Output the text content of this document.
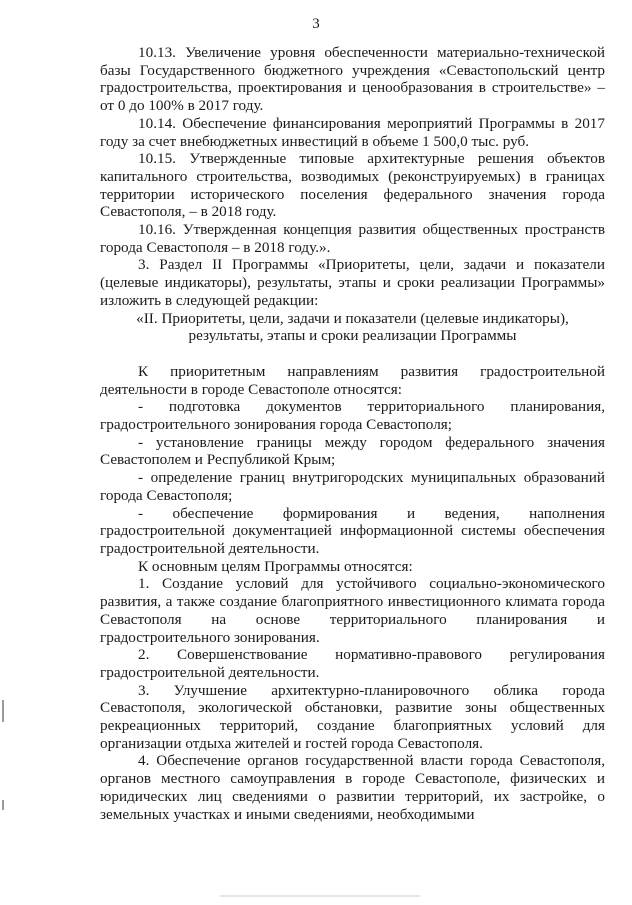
3

10.13. Увеличение уровня обеспеченности материально-технической базы Государственного бюджетного учреждения «Севастопольский центр градостроительства, проектирования и ценообразования в строительстве» – от 0 до 100% в 2017 году.

10.14. Обеспечение финансирования мероприятий Программы в 2017 году за счет внебюджетных инвестиций в объеме 1 500,0 тыс. руб.

10.15. Утвержденные типовые архитектурные решения объектов капитального строительства, возводимых (реконструируемых) в границах территории исторического поселения федерального значения города Севастополя, – в 2018 году.

10.16. Утвержденная концепция развития общественных пространств города Севастополя – в 2018 году.».

3. Раздел II Программы «Приоритеты, цели, задачи и показатели (целевые индикаторы), результаты, этапы и сроки реализации Программы» изложить в следующей редакции:

«II. Приоритеты, цели, задачи и показатели (целевые индикаторы),

результаты, этапы и сроки реализации Программы

К приоритетным направлениям развития градостроительной деятельности в городе Севастополе относятся:

- подготовка документов территориального планирования, градостроительного зонирования города Севастополя;

- установление границы между городом федерального значения Севастополем и Республикой Крым;

- определение границ внутригородских муниципальных образований города Севастополя;

- обеспечение формирования и ведения, наполнения градостроительной документацией информационной системы обеспечения градостроительной деятельности.

К основным целям Программы относятся:

1. Создание условий для устойчивого социально-экономического развития, а также создание благоприятного инвестиционного климата города Севастополя на основе территориального планирования и градостроительного зонирования.

2. Совершенствование нормативно-правового регулирования градостроительной деятельности.

3. Улучшение архитектурно-планировочного облика города Севастополя, экологической обстановки, развитие зоны общественных рекреационных территорий, создание благоприятных условий для организации отдыха жителей и гостей города Севастополя.

4. Обеспечение органов государственной власти города Севастополя, органов местного самоуправления в городе Севастополе, физических и юридических лиц сведениями о развитии территорий, их застройке, о земельных участках и иными сведениями, необходимыми
